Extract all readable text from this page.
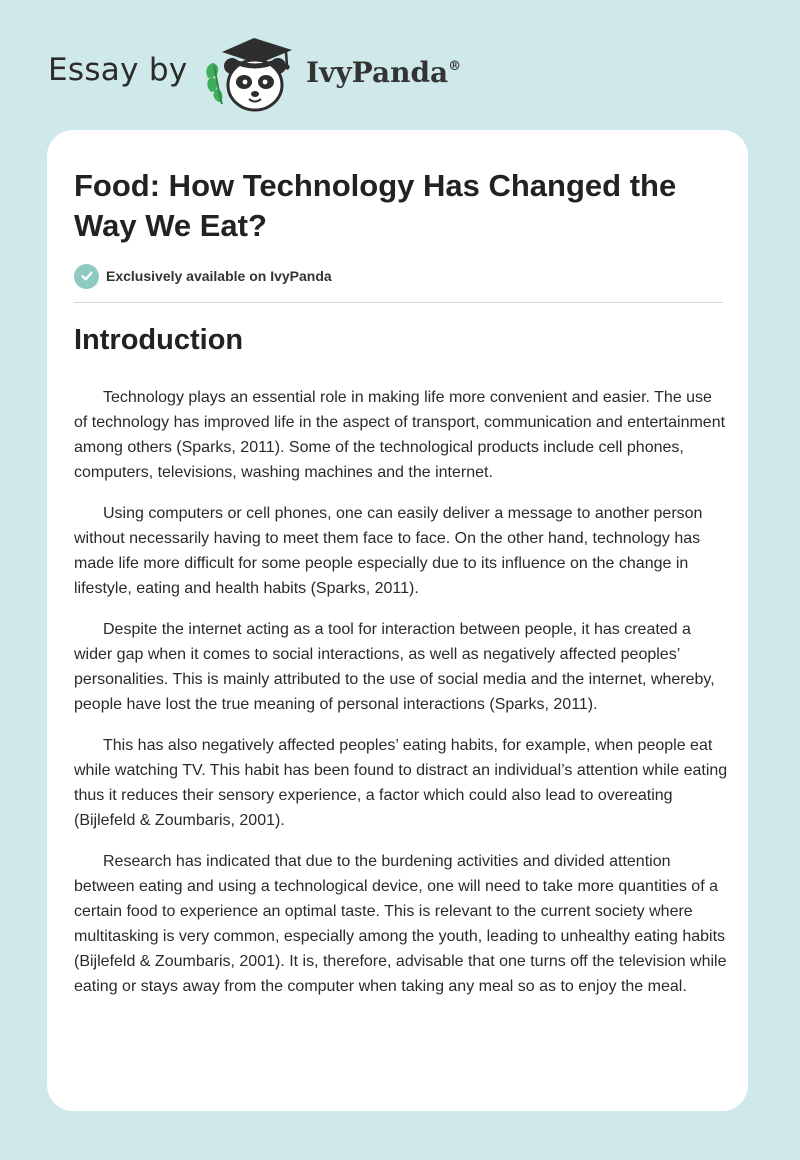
Essay by	IvyPanda®
Food: How Technology Has Changed the Way We Eat?
Exclusively available on IvyPanda
Introduction

Technology plays an essential role in making life more convenient and easier. The use of technology has improved life in the aspect of transport, communication and entertainment among others (Sparks, 2011). Some of the technological products include cell phones, computers, televisions, washing machines and the internet.

Using computers or cell phones, one can easily deliver a message to another person without necessarily having to meet them face to face. On the other hand, technology has made life more difficult for some people especially due to its influence on the change in lifestyle, eating and health habits (Sparks, 2011).

Despite the internet acting as a tool for interaction between people, it has created a wider gap when it comes to social interactions, as well as negatively affected peoples’ personalities. This is mainly attributed to the use of social media and the internet, whereby, people have lost the true meaning of personal interactions (Sparks, 2011).

This has also negatively affected peoples’ eating habits, for example, when people eat while watching TV. This habit has been found to distract an individual’s attention while eating thus it reduces their sensory experience, a factor which could also lead to overeating (Bijlefeld & Zoumbaris, 2001).

Research has indicated that due to the burdening activities and divided attention between eating and using a technological device, one will need to take more quantities of a certain food to experience an optimal taste. This is relevant to the current society where multitasking is very common, especially among the youth, leading to unhealthy eating habits (Bijlefeld & Zoumbaris, 2001). It is, therefore, advisable that one turns off the television while eating or stays away from the computer when taking any meal so as to enjoy the meal.
